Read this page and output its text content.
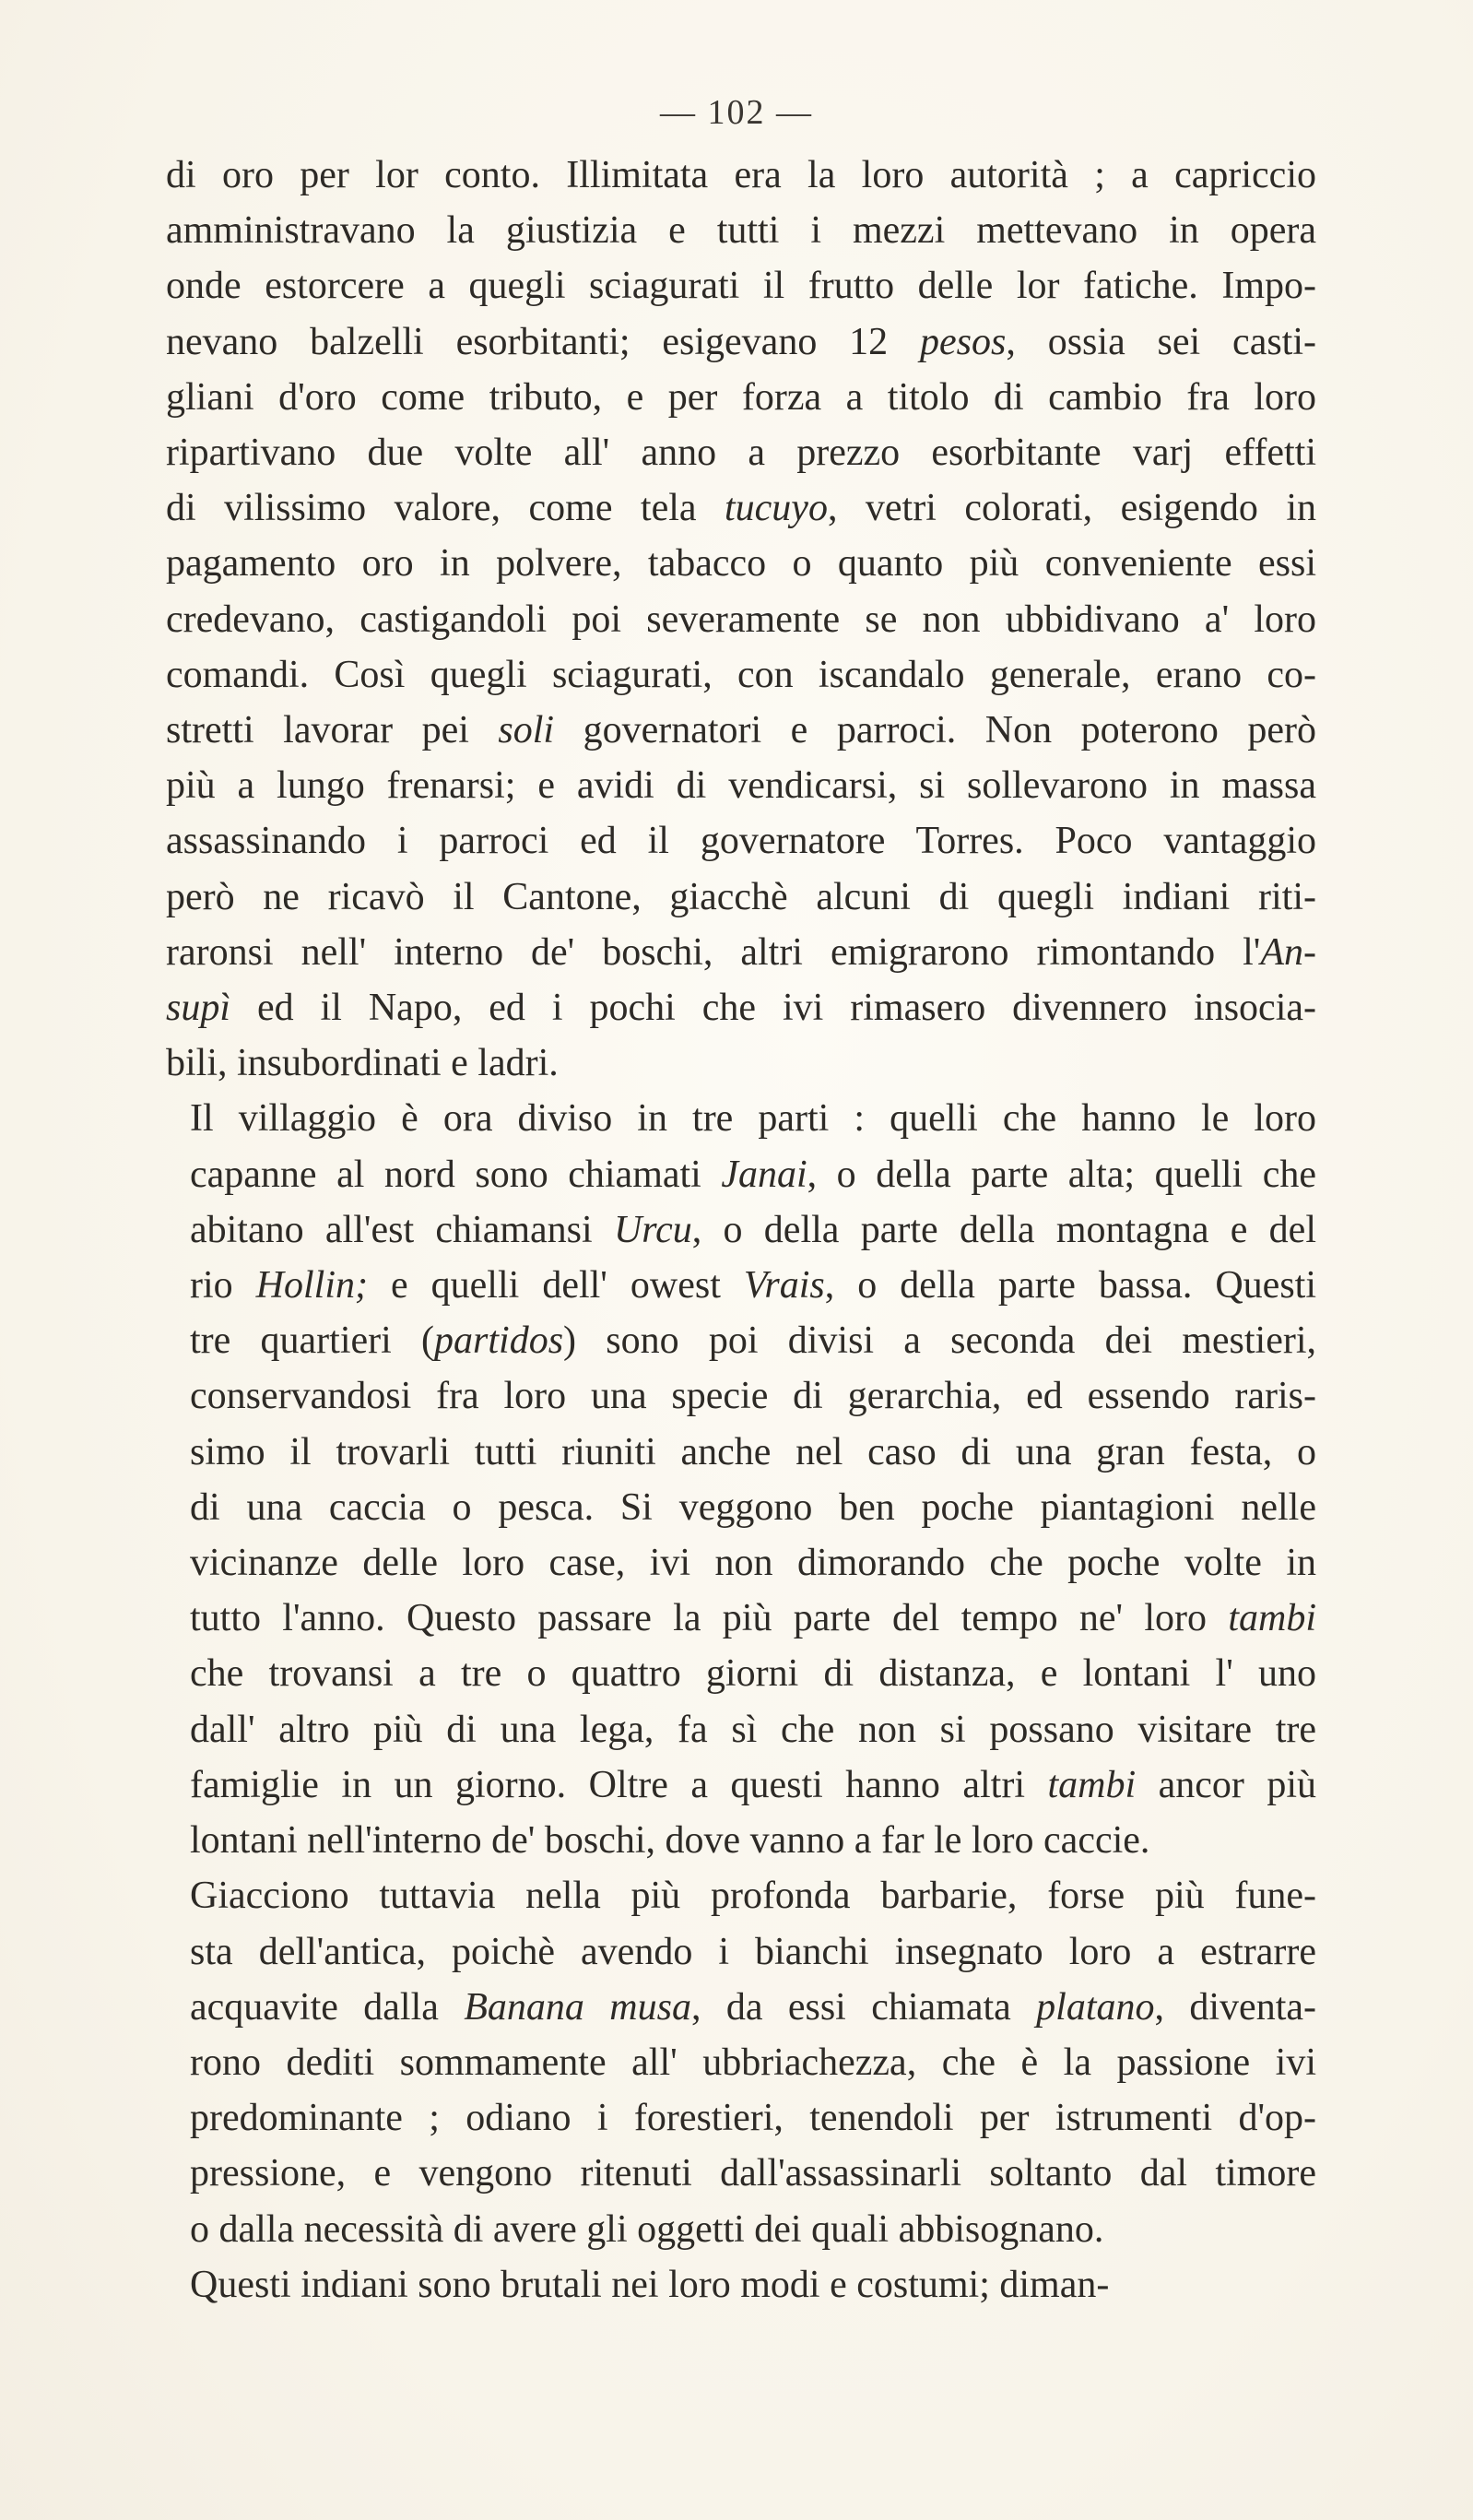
— 102 —
di oro per lor conto. Illimitata era la loro autorità ; a capriccio
amministravano la giustizia e tutti i mezzi mettevano in opera
onde estorcere a quegli sciagurati il frutto delle lor fatiche. Impo-
nevano balzelli esorbitanti; esigevano 12 pesos, ossia sei casti-
gliani d'oro come tributo, e per forza a titolo di cambio fra loro
ripartivano due volte all' anno a prezzo esorbitante varj effetti
di vilissimo valore, come tela tucuyo, vetri colorati, esigendo in
pagamento oro in polvere, tabacco o quanto più conveniente essi
credevano, castigandoli poi severamente se non ubbidivano a' loro
comandi. Così quegli sciagurati, con iscandalo generale, erano co-
stretti lavorar pei soli governatori e parroci. Non poterono però
più a lungo frenarsi; e avidi di vendicarsi, si sollevarono in massa
assassinando i parroci ed il governatore Torres. Poco vantaggio
però ne ricavò il Cantone, giacchè alcuni di quegli indiani riti-
raronsi nell' interno de' boschi, altri emigrarono rimontando l'An-
supì ed il Napo, ed i pochi che ivi rimasero divennero insocia-
bili, insubordinati e ladri.
Il villaggio è ora diviso in tre parti : quelli che hanno le loro
capanne al nord sono chiamati Janai, o della parte alta; quelli che
abitano all'est chiamansi Urcu, o della parte della montagna e del
rio Hollin; e quelli dell' owest Vrais, o della parte bassa. Questi
tre quartieri (partidos) sono poi divisi a seconda dei mestieri,
conservandosi fra loro una specie di gerarchia, ed essendo raris-
simo il trovarli tutti riuniti anche nel caso di una gran festa, o
di una caccia o pesca. Si veggono ben poche piantagioni nelle
vicinanze delle loro case, ivi non dimorando che poche volte in
tutto l'anno. Questo passare la più parte del tempo ne' loro tambi
che trovansi a tre o quattro giorni di distanza, e lontani l' uno
dall' altro più di una lega, fa sì che non si possano visitare tre
famiglie in un giorno. Oltre a questi hanno altri tambi ancor più
lontani nell'interno de' boschi, dove vanno a far le loro caccie.
Giacciono tuttavia nella più profonda barbarie, forse più fune-
sta dell'antica, poichè avendo i bianchi insegnato loro a estrarre
acquavite dalla Banana musa, da essi chiamata platano, diventa-
rono dediti sommamente all' ubbriachezza, che è la passione ivi
predominante ; odiano i forestieri, tenendoli per istrumenti d'op-
pressione, e vengono ritenuti dall'assassinarli soltanto dal timore
o dalla necessità di avere gli oggetti dei quali abbisognano.
Questi indiani sono brutali nei loro modi e costumi; diman-
